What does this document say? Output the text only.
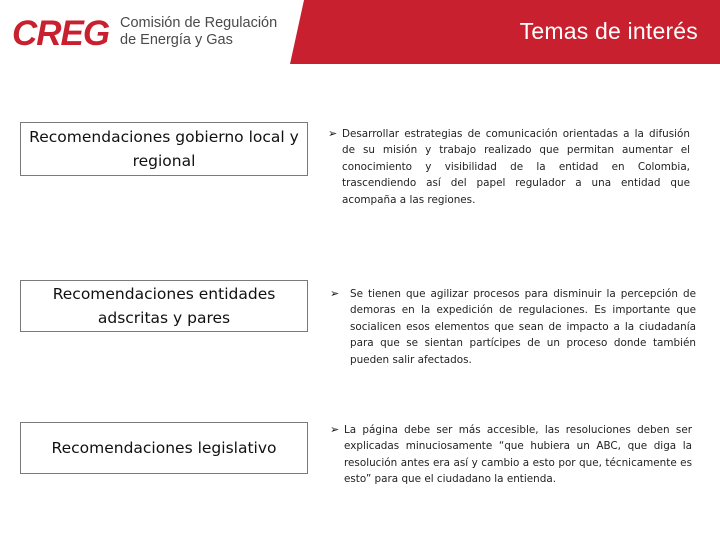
CREG Comisión de Regulación
de Energía y Gas	Temas de interés
Recomendaciones gobierno local y regional
➢ Desarrollar estrategias de comunicación orientadas a la difusión de su misión y trabajo realizado que permitan aumentar el conocimiento y visibilidad de la entidad en Colombia, trascendiendo así del papel regulador a una entidad que acompaña a las regiones.
Recomendaciones entidades adscritas y pares
➢	Se tienen que agilizar procesos para disminuir la percepción de demoras en la expedición de regulaciones. Es importante que socialicen esos elementos que sean de impacto a la ciudadanía para que se sientan partícipes de un proceso donde también pueden salir afectados.
Recomendaciones legislativo
➢ La página debe ser más accesible, las resoluciones deben ser explicadas minuciosamente “que hubiera un ABC, que diga la resolución antes era así y cambio a esto por que, técnicamente es esto” para que el ciudadano la entienda.
